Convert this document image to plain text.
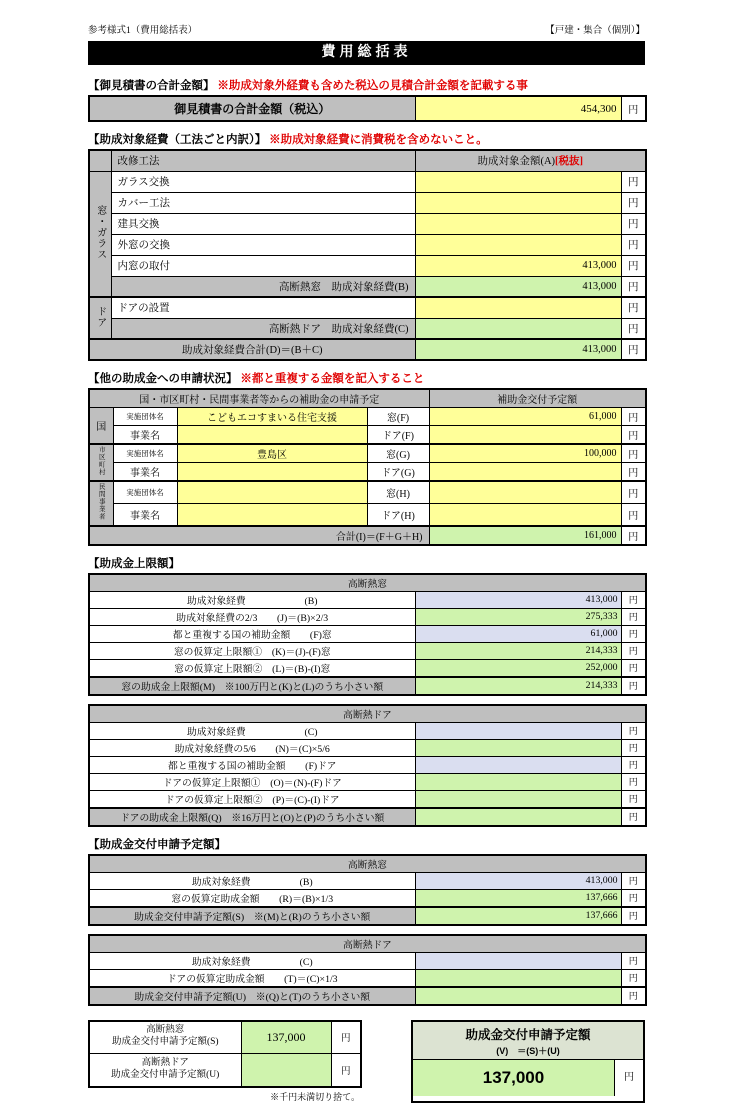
参考様式1（費用総括表）	【戸建・集合（個別）】
費用総括表
【御見積書の合計金額】 ※助成対象外経費も含めた税込の見積合計金額を記載する事
御見積書の合計金額（税込）	454,300	円
【助成対象経費（工法ごと内訳）】 ※助成対象経費に消費税を含めないこと。
	改修工法	助成対象金額(A)[税抜]	
窓・ガラス	ガラス交換		円
	カバー工法		円
	建具交換		円
	外窓の交換		円
	内窓の取付	413,000	円
	高断熱窓　助成対象経費(B)	413,000	円
ドア	ドアの設置		円
	高断熱ドア　助成対象経費(C)		円
助成対象経費合計(D)＝(B＋C)		413,000	円
【他の助成金への申請状況】 ※都と重複する金額を記入すること
国・市区町村・民間事業者等からの補助金の申請予定				補助金交付予定額	
国	実施団体名	こどもエコすまいる住宅支援	窓(F)	61,000	円
	事業名		ドア(F)		円
市区町村	実施団体名	豊島区	窓(G)	100,000	円
	事業名		ドア(G)		円
民間事業者	実施団体名		窓(H)		円
	事業名		ドア(H)		円
合計(I)＝(F＋G＋H)				161,000	円
【助成金上限額】
高断熱窓		
助成対象経費　　　　　　(B)	413,000	円
助成対象経費の2/3　　(J)＝(B)×2/3	275,333	円
都と重複する国の補助金額　　(F)窓	61,000	円
窓の仮算定上限額①　(K)＝(J)-(F)窓	214,333	円
窓の仮算定上限額②　(L)＝(B)-(I)窓	252,000	円
窓の助成金上限額(M)　※100万円と(K)と(L)のうち小さい額	214,333	円
高断熱ドア		
助成対象経費　　　　　　(C)		円
助成対象経費の5/6　　(N)＝(C)×5/6		円
都と重複する国の補助金額　　(F)ドア		円
ドアの仮算定上限額①　(O)＝(N)-(F)ドア		円
ドアの仮算定上限額②　(P)＝(C)-(I)ドア		円
ドアの助成金上限額(Q)　※16万円と(O)と(P)のうち小さい額		円
【助成金交付申請予定額】
高断熱窓		
助成対象経費　　　　　(B)	413,000	円
窓の仮算定助成金額　　(R)＝(B)×1/3	137,666	円
助成金交付申請予定額(S)　※(M)と(R)のうち小さい額	137,666	円
高断熱ドア		
助成対象経費　　　　　(C)		円
ドアの仮算定助成金額　　(T)＝(C)×1/3		円
助成金交付申請予定額(U)　※(Q)と(T)のうち小さい額		円
高断熱窓
助成金交付申請予定額(S)	137,000	円

高断熱ドア
助成金交付申請予定額(U)		円
※千円未満切り捨て。
助成金交付申請予定額
(V)　＝(S)＋(U)
137,000	円
